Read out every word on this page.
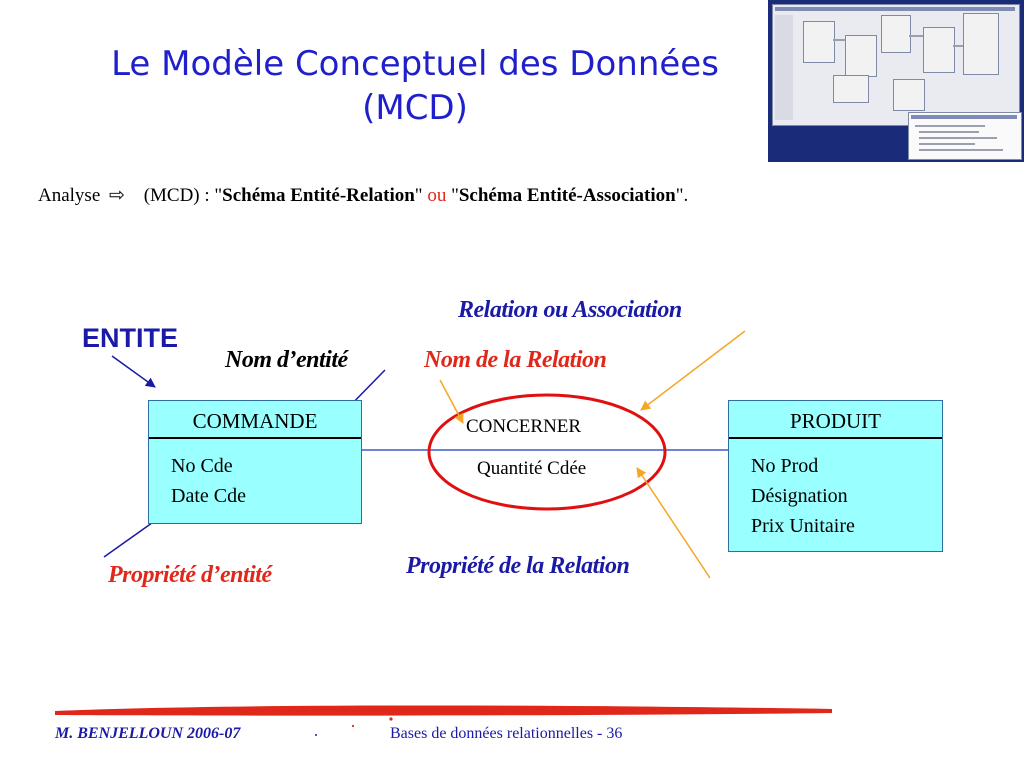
Le Modèle Conceptuel des Données
(MCD)
Analyse ⇨ (MCD) : "Schéma Entité-Relation" ou "Schéma Entité-Association".
ENTITE
Nom d’entité	Nom de la Relation
Relation ou Association
Propriété d’entité	Propriété de la Relation
COMMANDE
No Cde
Date Cde
PRODUIT
No Prod
Désignation
Prix Unitaire
CONCERNER
Quantité Cdée
M. BENJELLOUN 2006-07	Bases de données relationnelles - 36
